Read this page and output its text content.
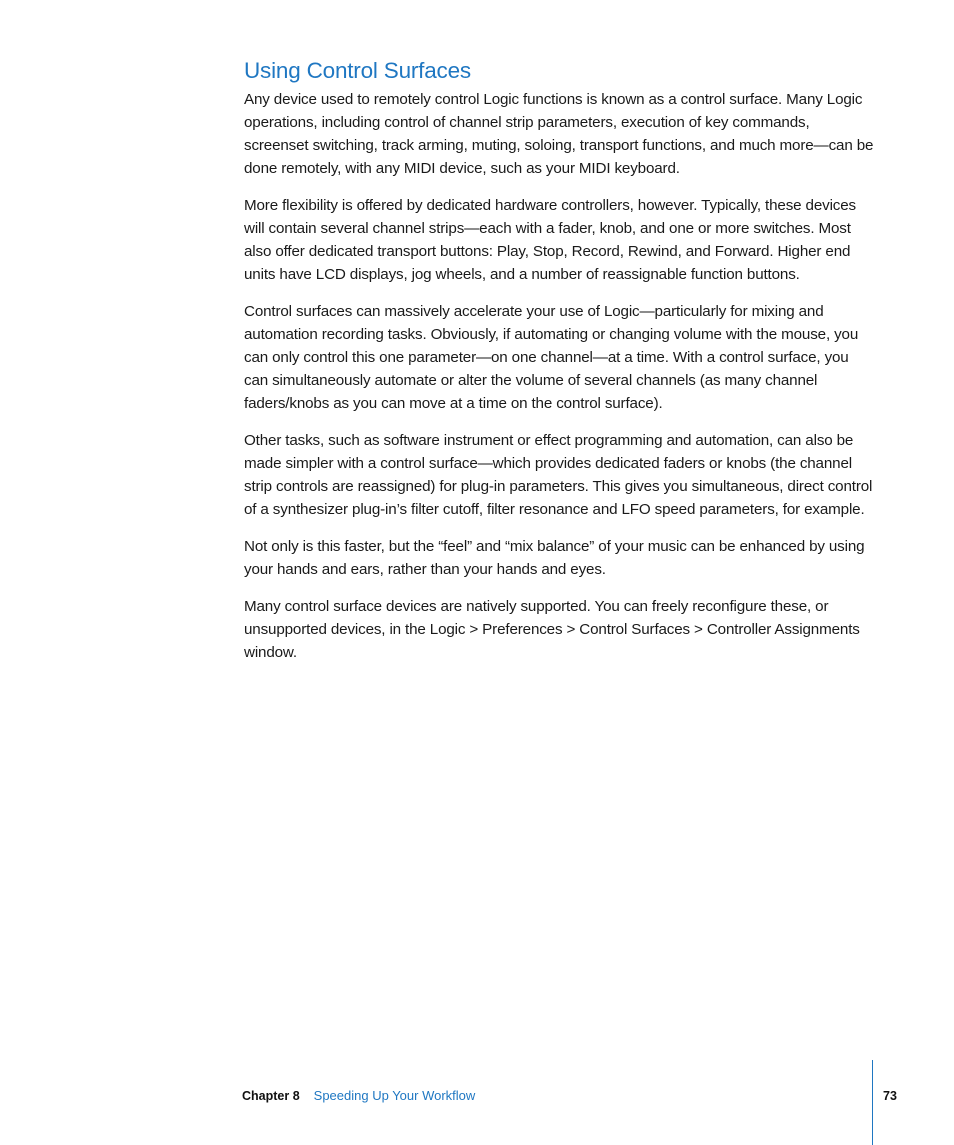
Using Control Surfaces

Any device used to remotely control Logic functions is known as a control surface. Many Logic operations, including control of channel strip parameters, execution of key commands, screenset switching, track arming, muting, soloing, transport functions, and much more—can be done remotely, with any MIDI device, such as your MIDI keyboard.

More flexibility is offered by dedicated hardware controllers, however. Typically, these devices will contain several channel strips—each with a fader, knob, and one or more switches. Most also offer dedicated transport buttons: Play, Stop, Record, Rewind, and Forward. Higher end units have LCD displays, jog wheels, and a number of reassignable function buttons.

Control surfaces can massively accelerate your use of Logic—particularly for mixing and automation recording tasks. Obviously, if automating or changing volume with the mouse, you can only control this one parameter—on one channel—at a time. With a control surface, you can simultaneously automate or alter the volume of several channels (as many channel faders/knobs as you can move at a time on the control surface).

Other tasks, such as software instrument or effect programming and automation, can also be made simpler with a control surface—which provides dedicated faders or knobs (the channel strip controls are reassigned) for plug-in parameters. This gives you simultaneous, direct control of a synthesizer plug-in’s filter cutoff, filter resonance and LFO speed parameters, for example.

Not only is this faster, but the “feel” and “mix balance” of your music can be enhanced by using your hands and ears, rather than your hands and eyes.

Many control surface devices are natively supported. You can freely reconfigure these, or unsupported devices, in the Logic > Preferences > Control Surfaces > Controller Assignments window.

Chapter 8 Speeding Up Your Workflow	73
